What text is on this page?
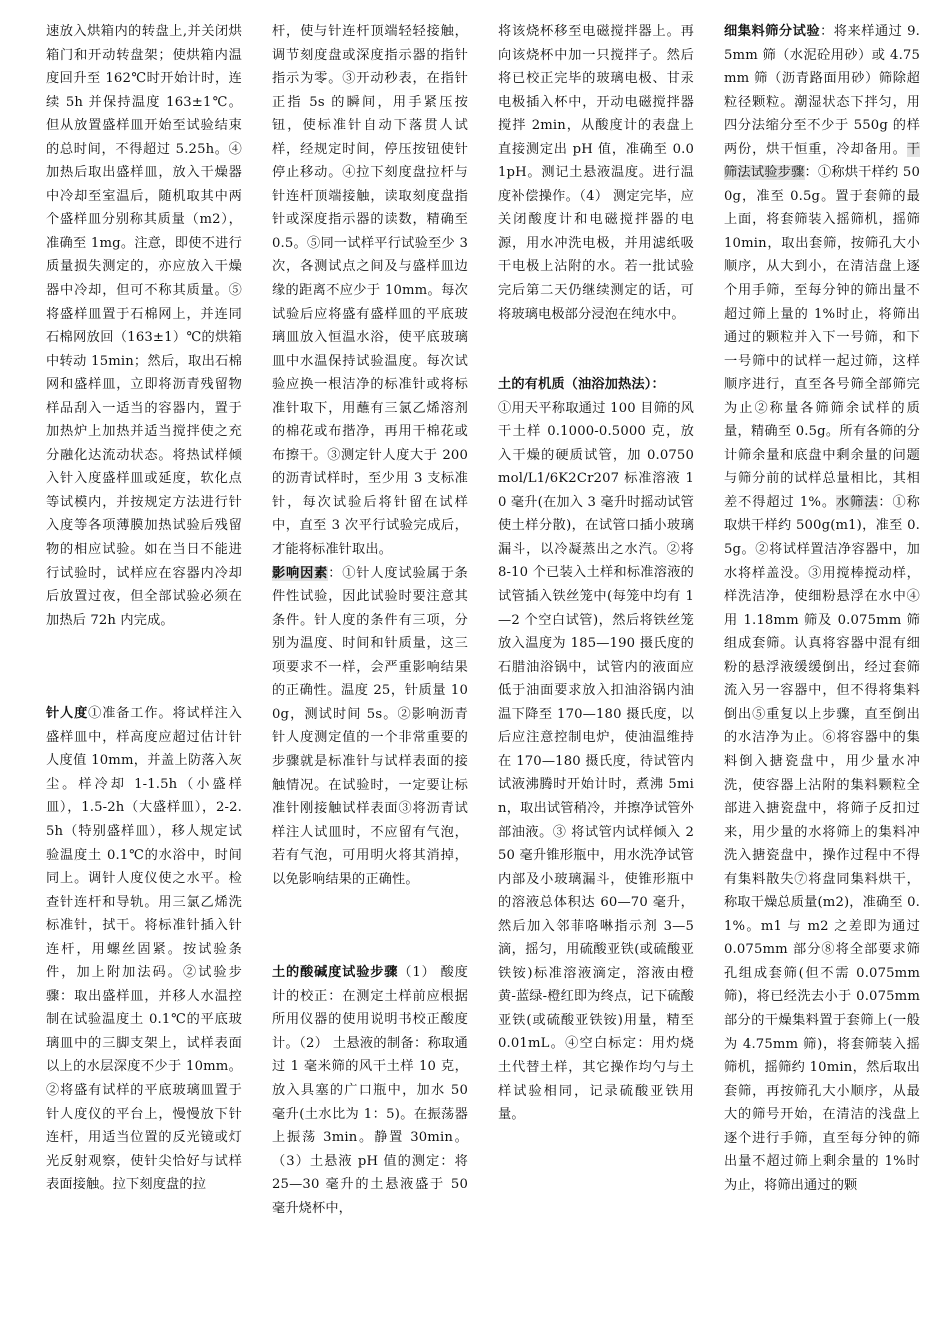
速放入烘箱内的转盘上,并关闭烘箱门和开动转盘架；使烘箱内温度回升至 162℃时开始计时，连续 5h 并保持温度 163±1℃。但从放置盛样皿开始至试验结束的总时间，不得超过 5.25h。④加热后取出盛样皿，放入干燥器中冷却至室温后，随机取其中两个盛样皿分别称其质量（m2），准确至 1mg。注意，即使不进行质量损失测定的，亦应放入干燥器中冷却，但可不称其质量。⑤将盛样皿置于石棉网上，并连同石棉网放回（163±1）℃的烘箱中转动 15min；然后，取出石棉网和盛样皿，立即将沥青残留物样品刮入一适当的容器内，置于加热炉上加热并适当搅拌使之充分融化达流动状态。将热试样倾入针入度盛样皿或延度，软化点等试模内，并按规定方法进行针入度等各项薄膜加热试验后残留物的相应试验。如在当日不能进行试验时，试样应在容器内冷却后放置过夜，但全部试验必须在加热后 72h 内完成。

针人度①准备工作。将试样注入盛样皿中，样高度应超过估计针人度值 10mm，并盖上防落入灰尘。样冷却 1-1.5h（小盛样皿），1.5-2h（大盛样皿），2-2.5h（特别盛样皿），移人规定试验温度土 0.1℃的水浴中，时间同上。调针人度仪使之水平。检查针连杆和导轨。用三氯乙烯洗标准针，拭干。将标准针插入针连杆，用螺丝固紧。按试验条件，加上附加法码。②试验步骤：取出盛样皿，并移人水温控制在试验温度土 0.1℃的平底玻璃皿中的三脚支架上，试样表面以上的水层深度不少于 10mm。②将盛有试样的平底玻璃皿置于针人度仪的平台上，慢慢放下针连杆，用适当位置的反光镜或灯光反射观察，使针尖恰好与试样表面接触。拉下刻度盘的拉

杆，使与针连杆顶端轻轻接触，调节刻度盘或深度指示器的指针指示为零。③开动秒表，在指针正指 5s 的瞬间，用手紧压按钮，使标准针自动下落贯人试样，经规定时间，停压按钮使针停止移动。④拉下刻度盘拉杆与针连杆顶端接触，读取刻度盘指针或深度指示器的读数，精确至 0.5。⑤同一试样平行试验至少 3 次，各测试点之间及与盛样皿边缘的距离不应少于 10mm。每次试验后应将盛有盛样皿的平底玻璃皿放入恒温水浴，使平底玻璃皿中水温保持试验温度。每次试验应换一根洁净的标准针或将标准针取下，用蘸有三氯乙烯溶剂的棉花或布揩净，再用干棉花或布擦干。③测定针人度大于 200 的沥青试样时，至少用 3 支标准针，每次试验后将针留在试样中，直至 3 次平行试验完成后，才能将标准针取出。

影响因素：①针人度试验属于条件性试验，因此试验时要注意其条件。针人度的条件有三项，分别为温度、时间和针质量，这三项要求不一样，会严重影响结果的正确性。温度 25，针质量 100g，测试时间 5s。②影响沥青针人度测定值的一个非常重要的步骤就是标准针与试样表面的接触情况。在试验时，一定要让标准针刚接触试样表面③将沥青试样注人试皿时，不应留有气泡，若有气泡，可用明火将其消掉，以免影响结果的正确性。

土的酸碱度试验步骤（1） 酸度计的校正：在测定土样前应根据所用仪器的使用说明书校正酸度计。（2） 土悬液的制备：称取通过 1 毫米筛的风干土样 10 克，放入具塞的广口瓶中，加水 50 毫升(土水比为 1：5)。在振荡器上振荡 3min。静置 30min。（3）土悬液 pH 值的测定：将 25—30 毫升的土悬液盛于 50 毫升烧杯中，

将该烧杯移至电磁搅拌器上。再向该烧杯中加一只搅拌子。然后将已校正完毕的玻璃电极、甘汞电极插入杯中，开动电磁搅拌器搅拌 2min，从酸度计的表盘上直接测定出 pH 值，准确至 0.01pH。测记土悬液温度。进行温度补偿操作。（4） 测定完毕，应关闭酸度计和电磁搅拌器的电源，用水冲洗电极，并用滤纸吸干电极上沾附的水。若一批试验完后第二天仍继续测定的话，可将玻璃电极部分浸泡在纯水中。

土的有机质（油浴加热法）：

①用天平称取通过 100 目筛的风干土样 0.1000-0.5000 克，放入干燥的硬质试管，加 0.0750mol/L1/6K2Cr207 标准溶液 10 毫升(在加入 3 毫升时摇动试管使土样分散)，在试管口插小玻璃漏斗，以冷凝蒸出之水汽。②将 8-10 个已装入土样和标准溶液的试管插入铁丝笼中(每笼中均有 1—2 个空白试管)，然后将铁丝笼放入温度为 185—190 摄氏度的石腊油浴锅中，试管内的液面应低于油面要求放入扣油浴锅内油温下降至 170—180 摄氏度，以后应注意控制电炉，使油温维持在 170—180 摄氏度，待试管内试液沸腾时开始计时，煮沸 5min，取出试管稍冷，并擦净试管外部油液。③ 将试管内试样倾入 250 毫升锥形瓶中，用水洗净试管内部及小玻璃漏斗，使锥形瓶中的溶液总体积达 60—70 毫升，然后加入邻菲咯啉指示剂 3—5 滴，摇匀，用硫酸亚铁(或硫酸亚铁铵)标准溶液滴定，溶液由橙黄-蓝绿-橙红即为终点，记下硫酸亚铁(或硫酸亚铁铵)用量，精至 0.01mL。④空白标定：用灼烧土代替土样，其它操作均勺与土样试验相同，记录硫酸亚铁用量。

细集料筛分试验：将来样通过 9.5mm 筛（水泥砼用砂）或 4.75mm 筛（沥青路面用砂）筛除超粒径颗粒。潮湿状态下拌匀，用四分法缩分至不少于 550g 的样两份，烘干恒重，冷却备用。干筛法试验步骤：①称烘干样约 500g，准至 0.5g。置于套筛的最上面，将套筛装入摇筛机，摇筛 10min，取出套筛，按筛孔大小顺序，从大到小，在清洁盘上逐个用手筛，至每分钟的筛出量不超过筛上量的 1%时止，将筛出通过的颗粒并入下一号筛，和下一号筛中的试样一起过筛，这样顺序进行，直至各号筛全部筛完为止②称量各筛筛余试样的质量，精确至 0.5g。所有各筛的分计筛余量和底盘中剩余量的问题与筛分前的试样总量相比，其相差不得超过 1%。水筛法：①称取烘干样约 500g(m1)，准至 0.5g。②将试样置洁净容器中，加水将样盖没。③用搅棒搅动样，样洗洁净，使细粉悬浮在水中④用 1.18mm 筛及 0.075mm 筛组成套筛。认真将容器中混有细粉的悬浮液缓缓倒出，经过套筛流入另一容器中，但不得将集料倒出⑤重复以上步骤，直至倒出的水洁净为止。⑥将容器中的集料倒入搪瓷盘中，用少量水冲洗，使容器上沾附的集料颗粒全部进入搪瓷盘中，将筛子反扣过来，用少量的水将筛上的集料冲洗入搪瓷盘中，操作过程中不得有集料散失⑦将盘同集料烘干，称取干燥总质量(m2)，准确至 0.1%。m1 与 m2 之差即为通过 0.075mm 部分⑧将全部要求筛孔组成套筛(但不需 0.075mm 筛)，将已经洗去小于 0.075mm 部分的干燥集料置于套筛上(一般为 4.75mm 筛)，将套筛装入摇筛机，摇筛约 10min，然后取出套筛，再按筛孔大小顺序，从最大的筛号开始，在清洁的浅盘上逐个进行手筛，直至每分钟的筛出量不超过筛上剩余量的 1%时为止，将筛出通过的颗
